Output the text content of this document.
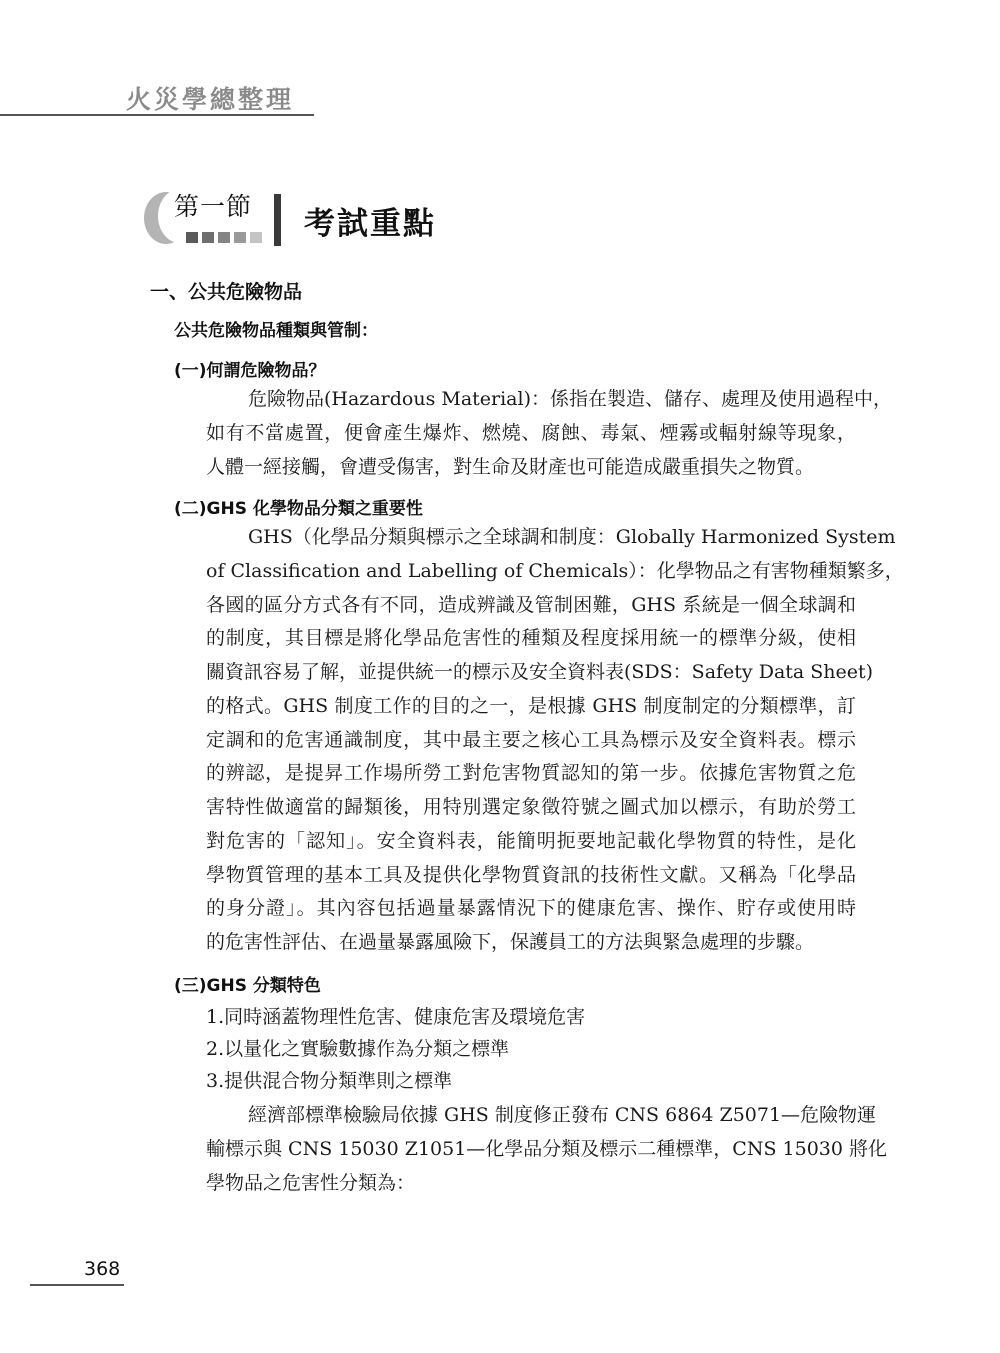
火災學總整理
第一節 考試重點
一、公共危險物品
公共危險物品種類與管制：
(一)何謂危險物品？
危險物品(Hazardous Material)：係指在製造、儲存、處理及使用過程中，
如有不當處置，便會產生爆炸、燃燒、腐蝕、毒氣、煙霧或輻射線等現象，
人體一經接觸，會遭受傷害，對生命及財產也可能造成嚴重損失之物質。
(二)GHS 化學物品分類之重要性
GHS（化學品分類與標示之全球調和制度：Globally Harmonized System
of Classification and Labelling of Chemicals）：化學物品之有害物種類繁多，
各國的區分方式各有不同，造成辨識及管制困難，GHS 系統是一個全球調和
的制度，其目標是將化學品危害性的種類及程度採用統一的標準分級，使相
關資訊容易了解，並提供統一的標示及安全資料表(SDS：Safety Data Sheet)
的格式。GHS 制度工作的目的之一，是根據 GHS 制度制定的分類標準，訂
定調和的危害通識制度，其中最主要之核心工具為標示及安全資料表。標示
的辨認，是提昇工作場所勞工對危害物質認知的第一步。依據危害物質之危
害特性做適當的歸類後，用特別選定象徵符號之圖式加以標示，有助於勞工
對危害的「認知」。安全資料表，能簡明扼要地記載化學物質的特性，是化
學物質管理的基本工具及提供化學物質資訊的技術性文獻。又稱為「化學品
的身分證」。其內容包括過量暴露情況下的健康危害、操作、貯存或使用時
的危害性評估、在過量暴露風險下，保護員工的方法與緊急處理的步驟。
(三)GHS 分類特色
1.同時涵蓋物理性危害、健康危害及環境危害
2.以量化之實驗數據作為分類之標準
3.提供混合物分類準則之標準
經濟部標準檢驗局依據 GHS 制度修正發布 CNS 6864 Z5071—危險物運
輸標示與 CNS 15030 Z1051—化學品分類及標示二種標準，CNS 15030 將化
學物品之危害性分類為：
368
